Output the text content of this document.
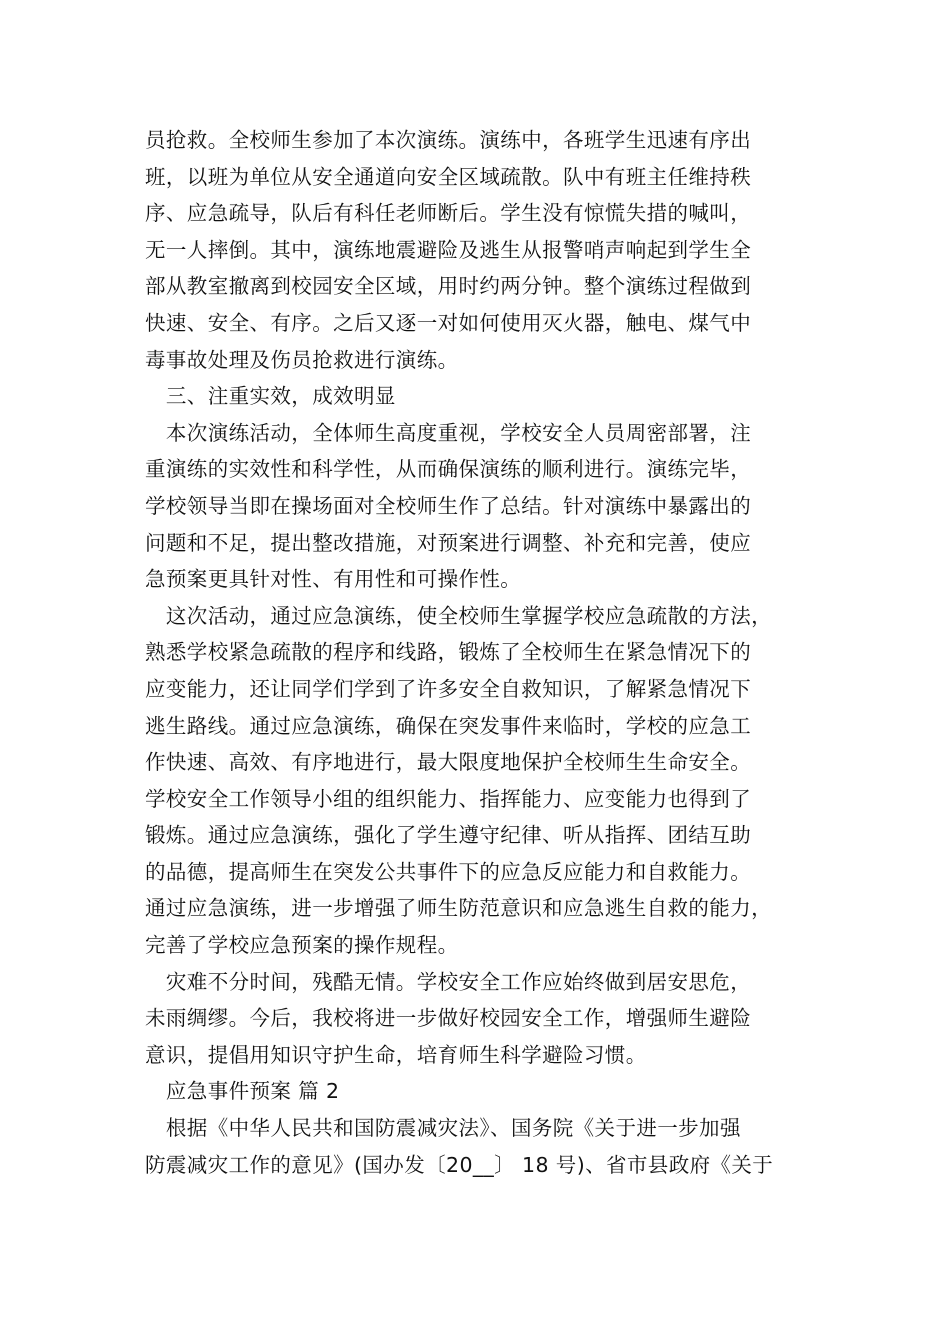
员抢救。全校师生参加了本次演练。演练中，各班学生迅速有序出
班，以班为单位从安全通道向安全区域疏散。队中有班主任维持秩
序、应急疏导，队后有科任老师断后。学生没有惊慌失措的喊叫，
无一人摔倒。其中，演练地震避险及逃生从报警哨声响起到学生全
部从教室撤离到校园安全区域，用时约两分钟。整个演练过程做到
快速、安全、有序。之后又逐一对如何使用灭火器，触电、煤气中
毒事故处理及伤员抢救进行演练。

　三、注重实效，成效明显

　本次演练活动，全体师生高度重视，学校安全人员周密部署，注
重演练的实效性和科学性，从而确保演练的顺利进行。演练完毕，
学校领导当即在操场面对全校师生作了总结。针对演练中暴露出的
问题和不足，提出整改措施，对预案进行调整、补充和完善，使应
急预案更具针对性、有用性和可操作性。

　这次活动，通过应急演练，使全校师生掌握学校应急疏散的方法，
熟悉学校紧急疏散的程序和线路，锻炼了全校师生在紧急情况下的
应变能力，还让同学们学到了许多安全自救知识，了解紧急情况下
逃生路线。通过应急演练，确保在突发事件来临时，学校的应急工
作快速、高效、有序地进行，最大限度地保护全校师生生命安全。
学校安全工作领导小组的组织能力、指挥能力、应变能力也得到了
锻炼。通过应急演练，强化了学生遵守纪律、听从指挥、团结互助
的品德，提高师生在突发公共事件下的应急反应能力和自救能力。
通过应急演练，进一步增强了师生防范意识和应急逃生自救的能力，
完善了学校应急预案的操作规程。

　灾难不分时间，残酷无情。学校安全工作应始终做到居安思危，
未雨绸缪。今后，我校将进一步做好校园安全工作，增强师生避险
意识，提倡用知识守护生命，培育师生科学避险习惯。

　应急事件预案 篇 2

　根据《中华人民共和国防震减灾法》、国务院《关于进一步加强
防震减灾工作的意见》(国办发〔20__〕 18 号)、省市县政府《关于
